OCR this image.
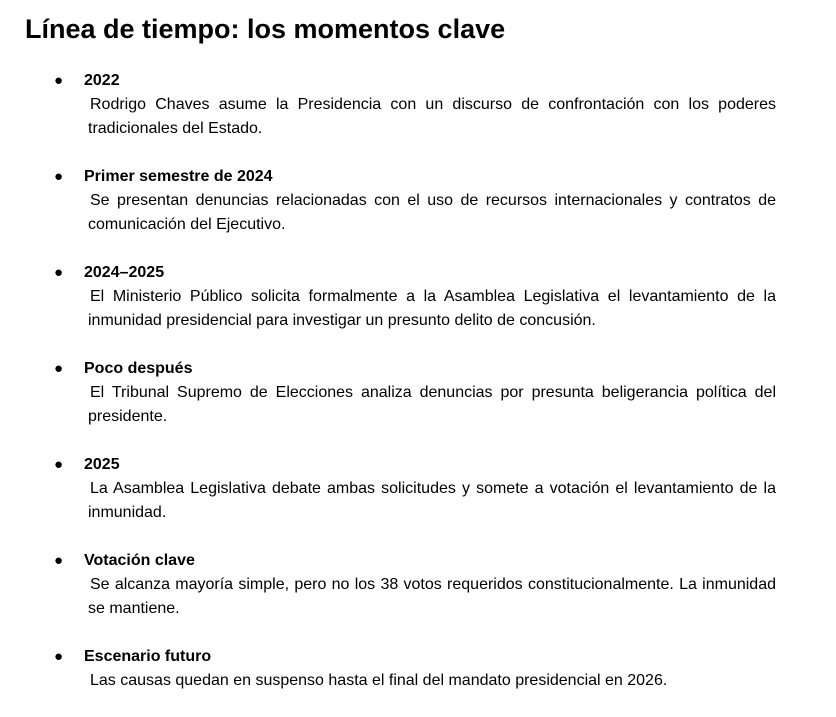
Línea de tiempo: los momentos clave
● 2022
Rodrigo Chaves asume la Presidencia con un discurso de confrontación con los poderes tradicionales del Estado.
● Primer semestre de 2024
Se presentan denuncias relacionadas con el uso de recursos internacionales y contratos de comunicación del Ejecutivo.
● 2024–2025
El Ministerio Público solicita formalmente a la Asamblea Legislativa el levantamiento de la inmunidad presidencial para investigar un presunto delito de concusión.
● Poco después
El Tribunal Supremo de Elecciones analiza denuncias por presunta beligerancia política del presidente.
● 2025
La Asamblea Legislativa debate ambas solicitudes y somete a votación el levantamiento de la inmunidad.
● Votación clave
Se alcanza mayoría simple, pero no los 38 votos requeridos constitucionalmente. La inmunidad se mantiene.
● Escenario futuro
Las causas quedan en suspenso hasta el final del mandato presidencial en 2026.
